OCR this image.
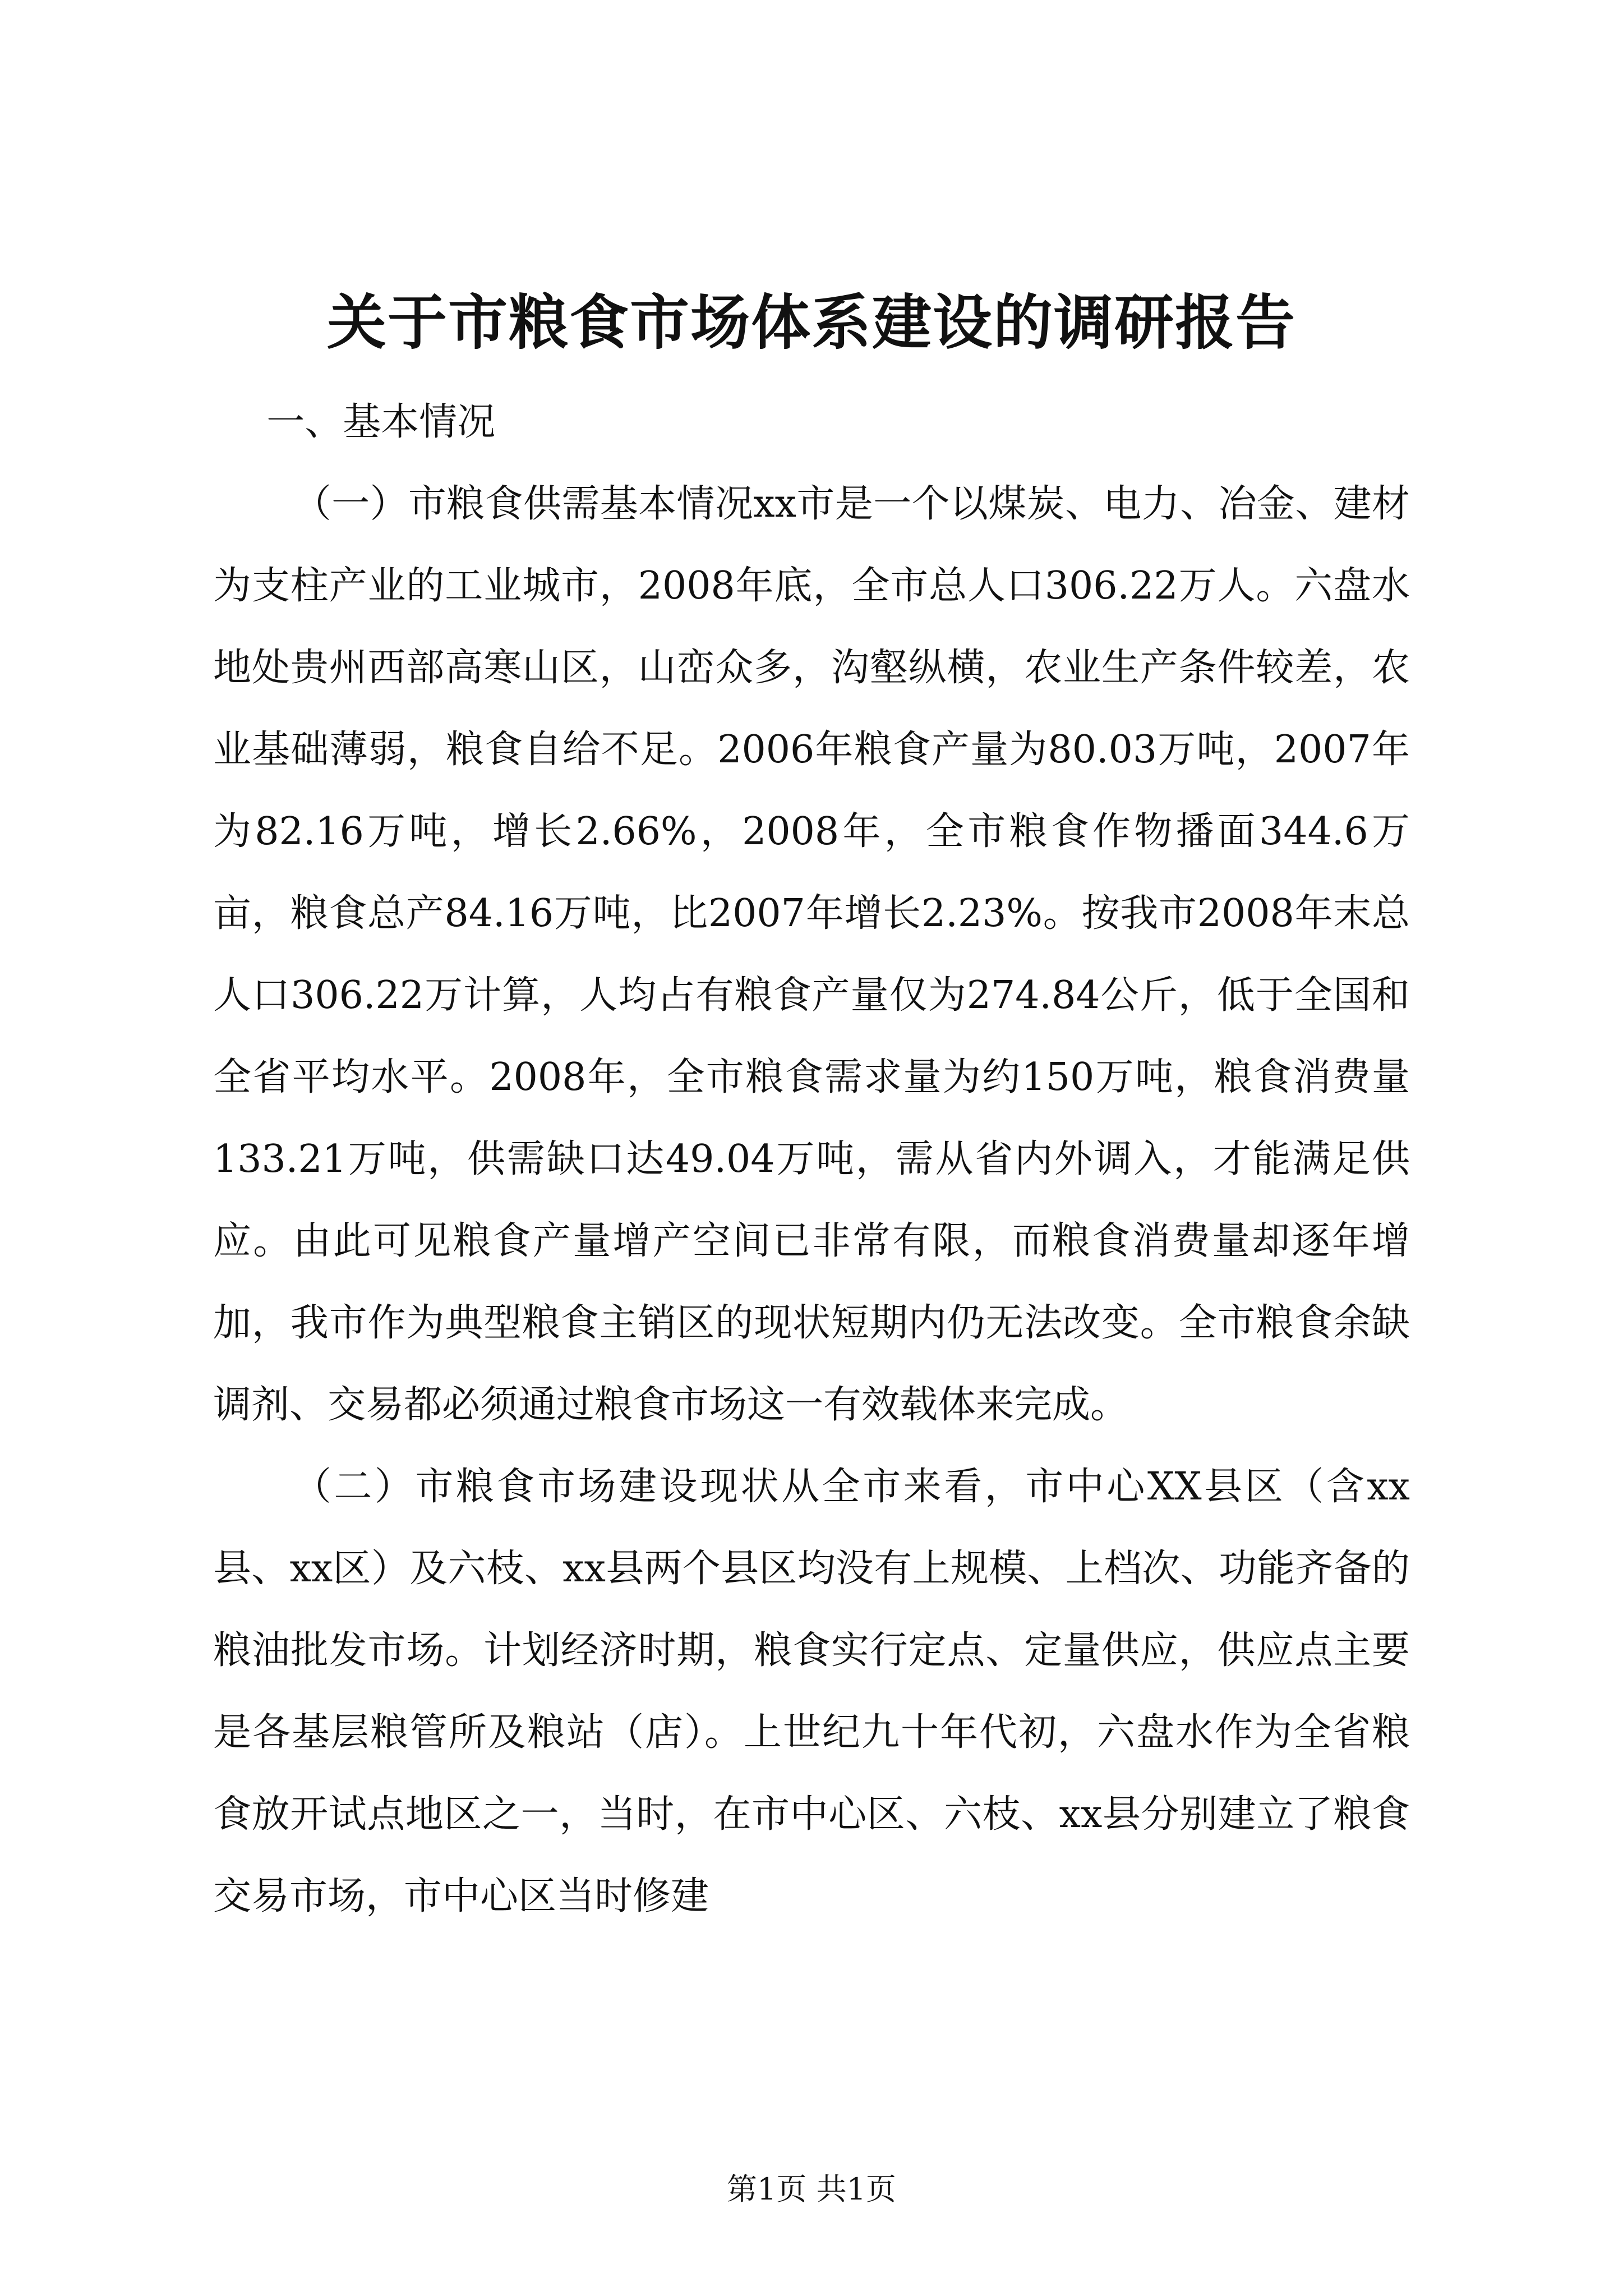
关于市粮食市场体系建设的调研报告

一、基本情况

（一）市粮食供需基本情况xx市是一个以煤炭、电力、冶金、建材为支柱产业的工业城市，2008年底，全市总人口306.22万人。六盘水地处贵州西部高寒山区，山峦众多，沟壑纵横，农业生产条件较差，农业基础薄弱，粮食自给不足。2006年粮食产量为80.03万吨，2007年为82.16万吨，增长2.66%，2008年，全市粮食作物播面344.6万亩，粮食总产84.16万吨，比2007年增长2.23%。按我市2008年末总人口306.22万计算，人均占有粮食产量仅为274.84公斤，低于全国和全省平均水平。2008年，全市粮食需求量为约150万吨，粮食消费量133.21万吨，供需缺口达49.04万吨，需从省内外调入，才能满足供应。由此可见粮食产量增产空间已非常有限，而粮食消费量却逐年增加，我市作为典型粮食主销区的现状短期内仍无法改变。全市粮食余缺调剂、交易都必须通过粮食市场这一有效载体来完成。

（二）市粮食市场建设现状从全市来看，市中心XX县区（含xx县、xx区）及六枝、xx县两个县区均没有上规模、上档次、功能齐备的粮油批发市场。计划经济时期，粮食实行定点、定量供应，供应点主要是各基层粮管所及粮站（店）。上世纪九十年代初，六盘水作为全省粮食放开试点地区之一，当时，在市中心区、六枝、xx县分别建立了粮食交易市场，市中心区当时修建

第1页 共1页
